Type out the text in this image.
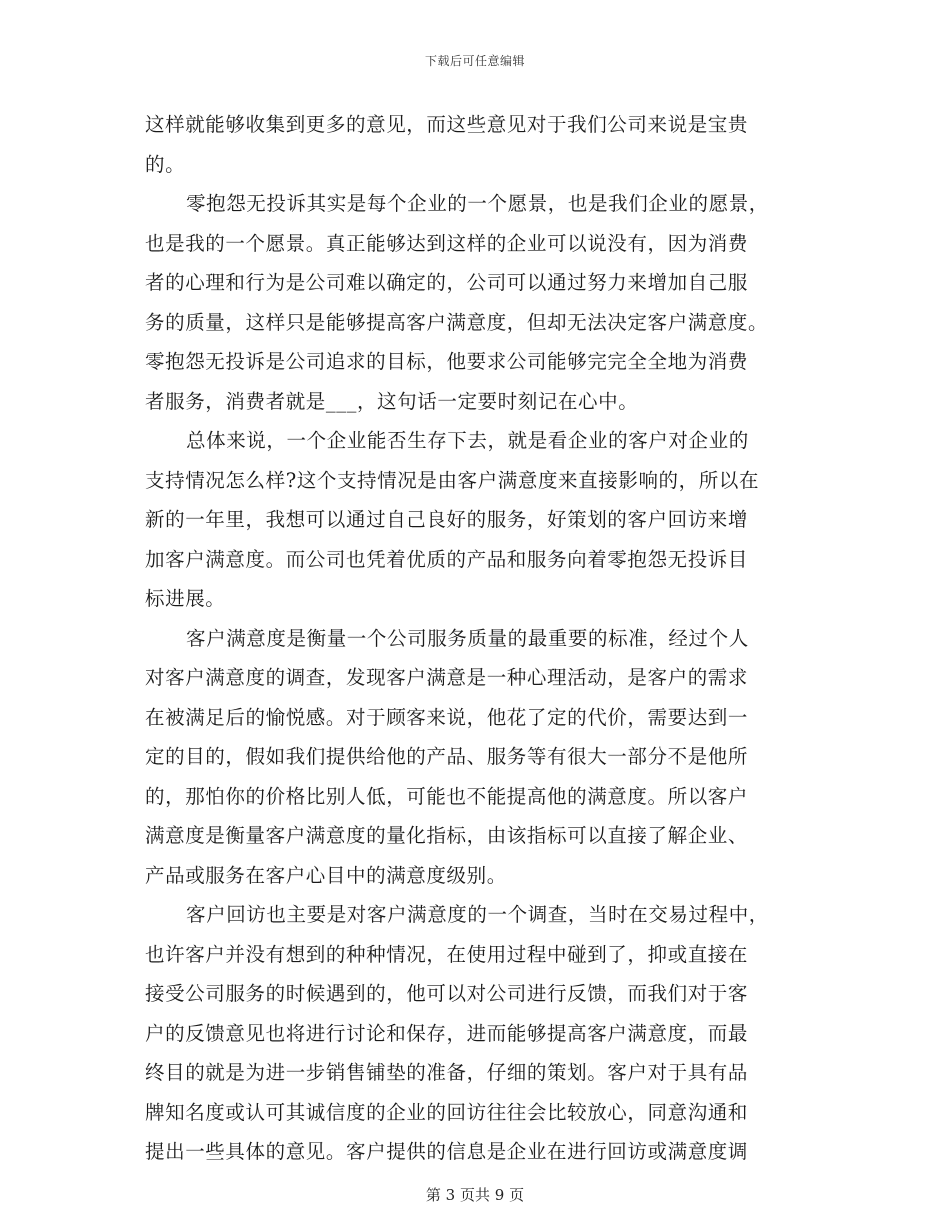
下载后可任意编辑
这样就能够收集到更多的意见，而这些意见对于我们公司来说是宝贵
的。
零抱怨无投诉其实是每个企业的一个愿景，也是我们企业的愿景，
也是我的一个愿景。真正能够达到这样的企业可以说没有，因为消费
者的心理和行为是公司难以确定的，公司可以通过努力来增加自己服
务的质量，这样只是能够提高客户满意度，但却无法决定客户满意度。
零抱怨无投诉是公司追求的目标，他要求公司能够完完全全地为消费
者服务，消费者就是___，这句话一定要时刻记在心中。
总体来说，一个企业能否生存下去，就是看企业的客户对企业的
支持情况怎么样?这个支持情况是由客户满意度来直接影响的，所以在
新的一年里，我想可以通过自己良好的服务，好策划的客户回访来增
加客户满意度。而公司也凭着优质的产品和服务向着零抱怨无投诉目
标进展。
客户满意度是衡量一个公司服务质量的最重要的标准，经过个人
对客户满意度的调查，发现客户满意是一种心理活动，是客户的需求
在被满足后的愉悦感。对于顾客来说，他花了定的代价，需要达到一
定的目的，假如我们提供给他的产品、服务等有很大一部分不是他所
的，那怕你的价格比别人低，可能也不能提高他的满意度。所以客户
满意度是衡量客户满意度的量化指标，由该指标可以直接了解企业、
产品或服务在客户心目中的满意度级别。
客户回访也主要是对客户满意度的一个调查，当时在交易过程中，
也许客户并没有想到的种种情况，在使用过程中碰到了，抑或直接在
接受公司服务的时候遇到的，他可以对公司进行反馈，而我们对于客
户的反馈意见也将进行讨论和保存，进而能够提高客户满意度，而最
终目的就是为进一步销售铺垫的准备，仔细的策划。客户对于具有品
牌知名度或认可其诚信度的企业的回访往往会比较放心，同意沟通和
提出一些具体的意见。客户提供的信息是企业在进行回访或满意度调
第 3 页共 9 页
